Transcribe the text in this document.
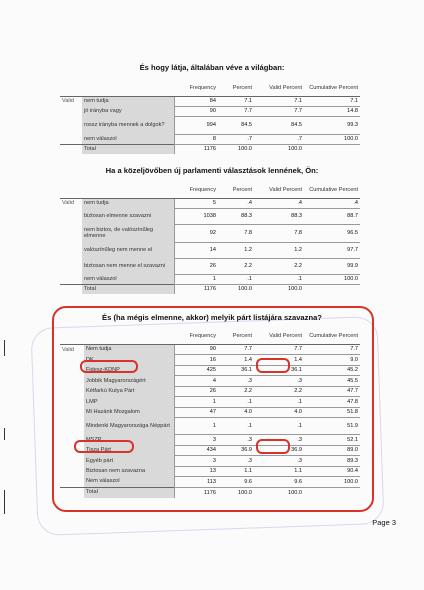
És hogy látja, általában véve a világban:
		Frequency	Percent	Valid Percent	Cumulative Percent
Valid	nem tudja	84	7.1	7.1	7.1
	jó irányba vagy	90	7.7	7.7	14.8
	rossz irányba mennek a dolgok?	994	84.5	84.5	99.3
	nem válaszol	8	.7	.7	100.0
	Total	1176	100.0	100.0	
Ha a közeljövőben új parlamenti választások lennének, Ön:
		Frequency	Percent	Valid Percent	Cumulative Percent
Valid	nem tudja	5	.4	.4	.4
	biztosan elmenne szavazni	1038	88.3	88.3	88.7
	nem biztos, de valószínűleg elmenne	92	7.8	7.8	96.5
	valószínűleg nem menne el	14	1.2	1.2	97.7
	biztosan nem menne el szavazni	26	2.2	2.2	99.9
	nem válaszol	1	.1	.1	100.0
	Total	1176	100.0	100.0	
És (ha mégis elmenne, akkor) melyik párt listájára szavazna?
		Frequency	Percent	Valid Percent	Cumulative Percent
Valid	Nem tudja	90	7.7	7.7	7.7
	DK	16	1.4	1.4	9.0
	Fidesz-KDNP	425	36.1	36.1	45.2
	Jobbik Magyarországért	4	.3	.3	45.5
	Kétfarkú Kutya Párt	26	2.2	2.2	47.7
	LMP	1	.1	.1	47.8
	Mi Hazánk Mozgalom	47	4.0	4.0	51.8
	Mindenki Magyarországa Néppárt	1	.1	.1	51.9
	MSZP	3	.3	.3	52.1
	Tisza Párt	434	36.9	36.9	89.0
	Egyéb párt	3	.3	.3	89.3
	Biztosan nem szavazna	13	1.1	1.1	90.4
	Nem válaszol	113	9.6	9.6	100.0
	Total	1176	100.0	100.0	
Page 3
